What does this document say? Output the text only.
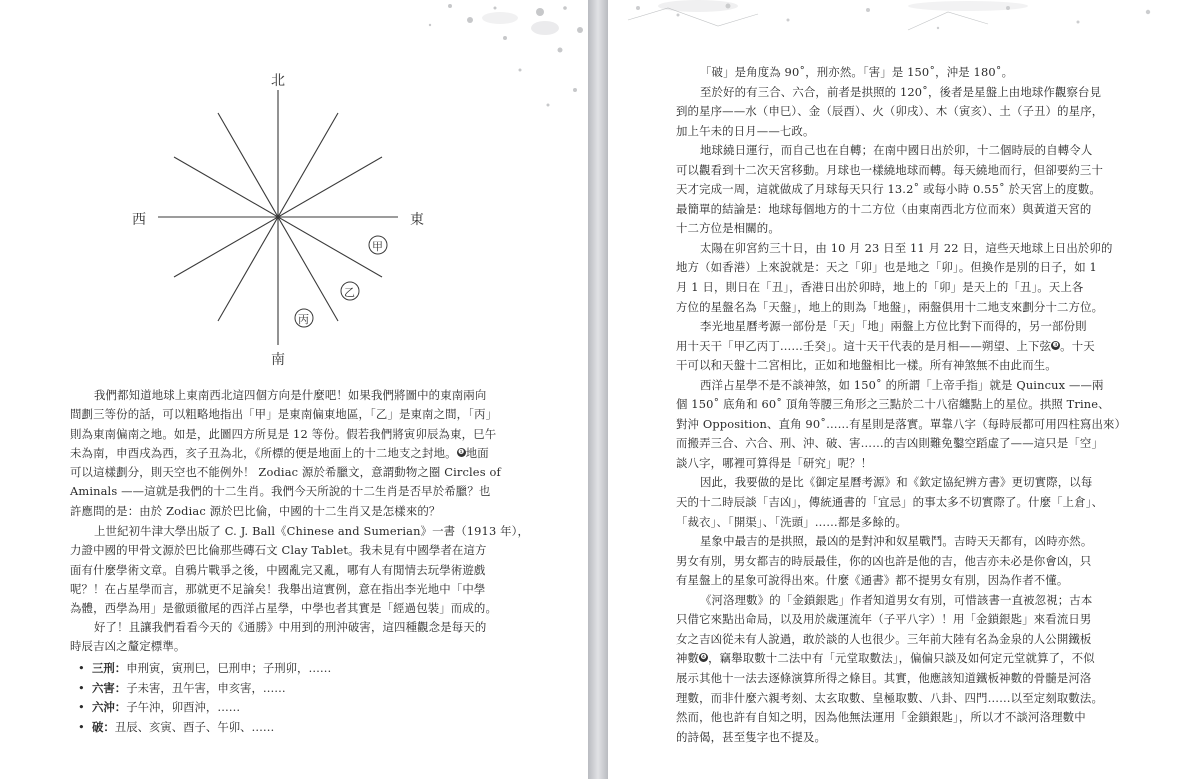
北
南
西	東
甲
乙
丙
我們都知道地球上東南西北這四個方向是什麼吧！如果我們將圖中的東南兩向
間劃三等份的話，可以粗略地指出「甲」是東南偏東地區，「乙」是東南之間，「丙」
則為東南偏南之地。如是，此圖四方所見是 12 等份。假若我們將寅卯辰為東，巳午
未為南，申酉戌為西，亥子丑為北，《所標的便是地面上的十二地支之封地。❶地面
可以這樣劃分，則天空也不能例外！ Zodiac 源於希臘文，意謂動物之圈 Circles of
Aminals ——這就是我們的十二生肖。我們今天所說的十二生肖是否早於希臘？也
許應問的是：由於 Zodiac 源於巴比倫，中國的十二生肖又是怎樣來的？
上世紀初牛津大學出版了 C. J. Ball《Chinese and Sumerian》一書（1913 年），
力證中國的甲骨文源於巴比倫那些磚石文 Clay Tablet。我未見有中國學者在這方
面有什麼學術文章。自鴉片戰爭之後，中國亂完又亂，哪有人有閒情去玩學術遊戲
呢？！在占星學而言，那就更不足論矣！我舉出這實例，意在指出李光地中「中學
為體，西學為用」是徹頭徹尾的西洋占星學，中學也者其實是「經過包裝」而成的。
好了！且讓我們看看今天的《通勝》中用到的刑沖破害，這四種觀念是每天的
時辰吉凶之釐定標準。
• 三刑：申刑寅，寅刑巳，巳刑申；子刑卯，……
• 六害：子未害，丑午害，申亥害，……
• 六沖：子午沖，卯酉沖，……
• 破：丑辰、亥寅、酉子、午卯、……
「破」是角度為 90˚，刑亦然。「害」是 150˚，沖是 180˚。
至於好的有三合、六合，前者是拱照的 120˚，後者是星盤上由地球作觀察台見
到的星序——水（申巳）、金（辰酉）、火（卯戌）、木（寅亥）、土（子丑）的星序，
加上午未的日月——七政。
地球繞日運行，而自己也在自轉；在南中國日出於卯，十二個時辰的自轉令人
可以觀看到十二次天宮移動。月球也一樣繞地球而轉。每天繞地而行，但卻要約三十
天才完成一周，這就做成了月球每天只行 13.2˚ 或每小時 0.55˚ 於天宮上的度數。
最簡單的結論是：地球每個地方的十二方位（由東南西北方位而來）與黃道天宮的
十二方位是相關的。
太陽在卯宮約三十日，由 10 月 23 日至 11 月 22 日，這些天地球上日出於卯的
地方（如香港）上來說就是：天之「卯」也是地之「卯」。但換作是別的日子，如 1
月 1 日，則日在「丑」，香港日出於卯時，地上的「卯」是天上的「丑」。天上各
方位的星盤名為「天盤」，地上的則為「地盤」，兩盤俱用十二地支來劃分十二方位。
李光地星曆考源一部份是「天」「地」兩盤上方位比對下而得的，另一部份則
用十天干「甲乙丙丁……壬癸」。這十天干代表的是月相——朔望、上下弦❸。十天
干可以和天盤十二宮相比，正如和地盤相比一樣。所有神煞無不由此而生。
西洋占星學不是不談神煞，如 150˚ 的所謂「上帝手指」就是 Quincux ——兩
個 150˚ 底角和 60˚ 頂角等腰三角形之三點於二十八宿纏點上的星位。拱照 Trine、
對沖 Opposition、直角 90˚……有星則是落實。單靠八字（每時辰都可用四柱寫出來）
而搬弄三合、六合、刑、沖、破、害……的吉凶則難免鑿空蹈虛了——這只是「空」
談八字，哪裡可算得是「研究」呢？！
因此，我要做的是比《御定星曆考源》和《欽定協紀辨方書》更切實際，以每
天的十二時辰談「吉凶」，傳統通書的「宜忌」的事太多不切實際了。什麼「上倉」、
「裁衣」、「開渠」、「洗頭」……都是多餘的。
星象中最吉的是拱照，最凶的是對沖和奴星戰鬥。吉時天天都有，凶時亦然。
男女有別，男女都吉的時辰最佳，你的凶也許是他的吉，他吉亦未必是你會凶，只
有星盤上的星象可說得出來。什麼《通書》都不提男女有別，因為作者不懂。
《河洛理數》的「金鎖銀匙」作者知道男女有別，可惜該書一直被忽視；古本
只借它來點出命局，以及用於歲運流年（子平八字）！用「金鎖銀匙」來看流日男
女之吉凶從未有人說過，敢於談的人也很少。三年前大陸有名為金泉的人公開鐵板
神數❹，竊舉取數十二法中有「元堂取數法」，偏偏只談及如何定元堂就算了，不似
展示其他十一法去逐條演算所得之條目。其實，他應該知道鐵板神數的骨髓是河洛
理數，而非什麼六親考刻、太玄取數、皇極取數、八卦、四門……以至定刻取數法。
然而，他也許有自知之明，因為他無法運用「金鎖銀匙」，所以才不談河洛理數中
的詩偈，甚至隻字也不提及。
